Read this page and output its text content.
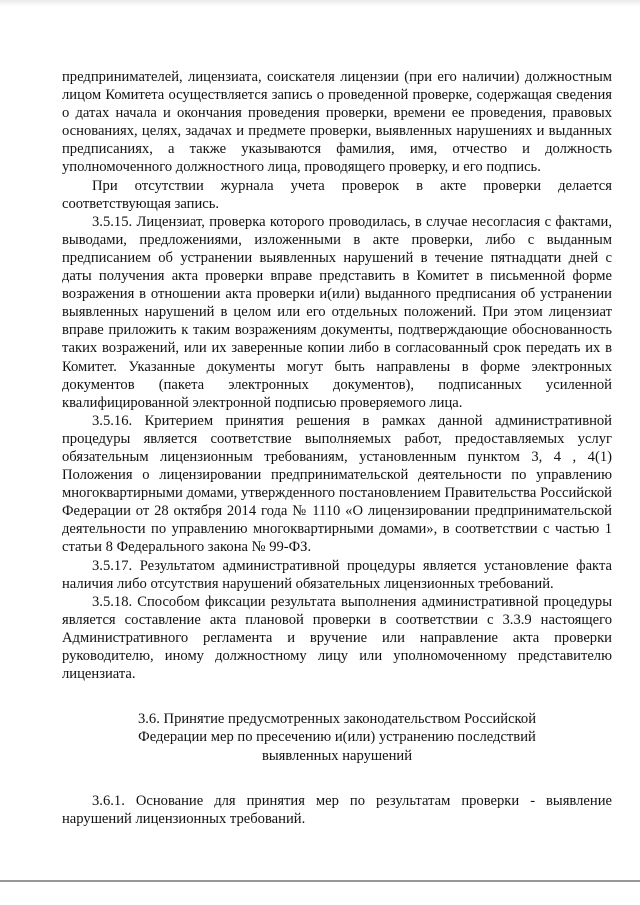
предпринимателей, лицензиата, соискателя лицензии (при его наличии) должностным лицом Комитета осуществляется запись о проведенной проверке, содержащая сведения о датах начала и окончания проведения проверки, времени ее проведения, правовых основаниях, целях, задачах и предмете проверки, выявленных нарушениях и выданных предписаниях, а также указываются фамилия, имя, отчество и должность уполномоченного должностного лица, проводящего проверку, и его подпись.

При отсутствии журнала учета проверок в акте проверки делается соответствующая запись.

3.5.15. Лицензиат, проверка которого проводилась, в случае несогласия с фактами, выводами, предложениями, изложенными в акте проверки, либо с выданным предписанием об устранении выявленных нарушений в течение пятнадцати дней с даты получения акта проверки вправе представить в Комитет в письменной форме возражения в отношении акта проверки и(или) выданного предписания об устранении выявленных нарушений в целом или его отдельных положений. При этом лицензиат вправе приложить к таким возражениям документы, подтверждающие обоснованность таких возражений, или их заверенные копии либо в согласованный срок передать их в Комитет. Указанные документы могут быть направлены в форме электронных документов (пакета электронных документов), подписанных усиленной квалифицированной электронной подписью проверяемого лица.

3.5.16. Критерием принятия решения в рамках данной административной процедуры является соответствие выполняемых работ, предоставляемых услуг обязательным лицензионным требованиям, установленным пунктом 3, 4 , 4(1) Положения о лицензировании предпринимательской деятельности по управлению многоквартирными домами, утвержденного постановлением Правительства Российской Федерации от 28 октября 2014 года № 1110 «О лицензировании предпринимательской деятельности по управлению многоквартирными домами», в соответствии с частью 1 статьи 8 Федерального закона № 99-ФЗ.

3.5.17. Результатом административной процедуры является установление факта наличия либо отсутствия нарушений обязательных лицензионных требований.

3.5.18. Способом фиксации результата выполнения административной процедуры является составление акта плановой проверки в соответствии с 3.3.9 настоящего Административного регламента и вручение или направление акта проверки руководителю, иному должностному лицу или уполномоченному представителю лицензиата.

3.6. Принятие предусмотренных законодательством Российской
Федерации мер по пресечению и(или) устранению последствий
выявленных нарушений

3.6.1. Основание для принятия мер по результатам проверки - выявление нарушений лицензионных требований.
